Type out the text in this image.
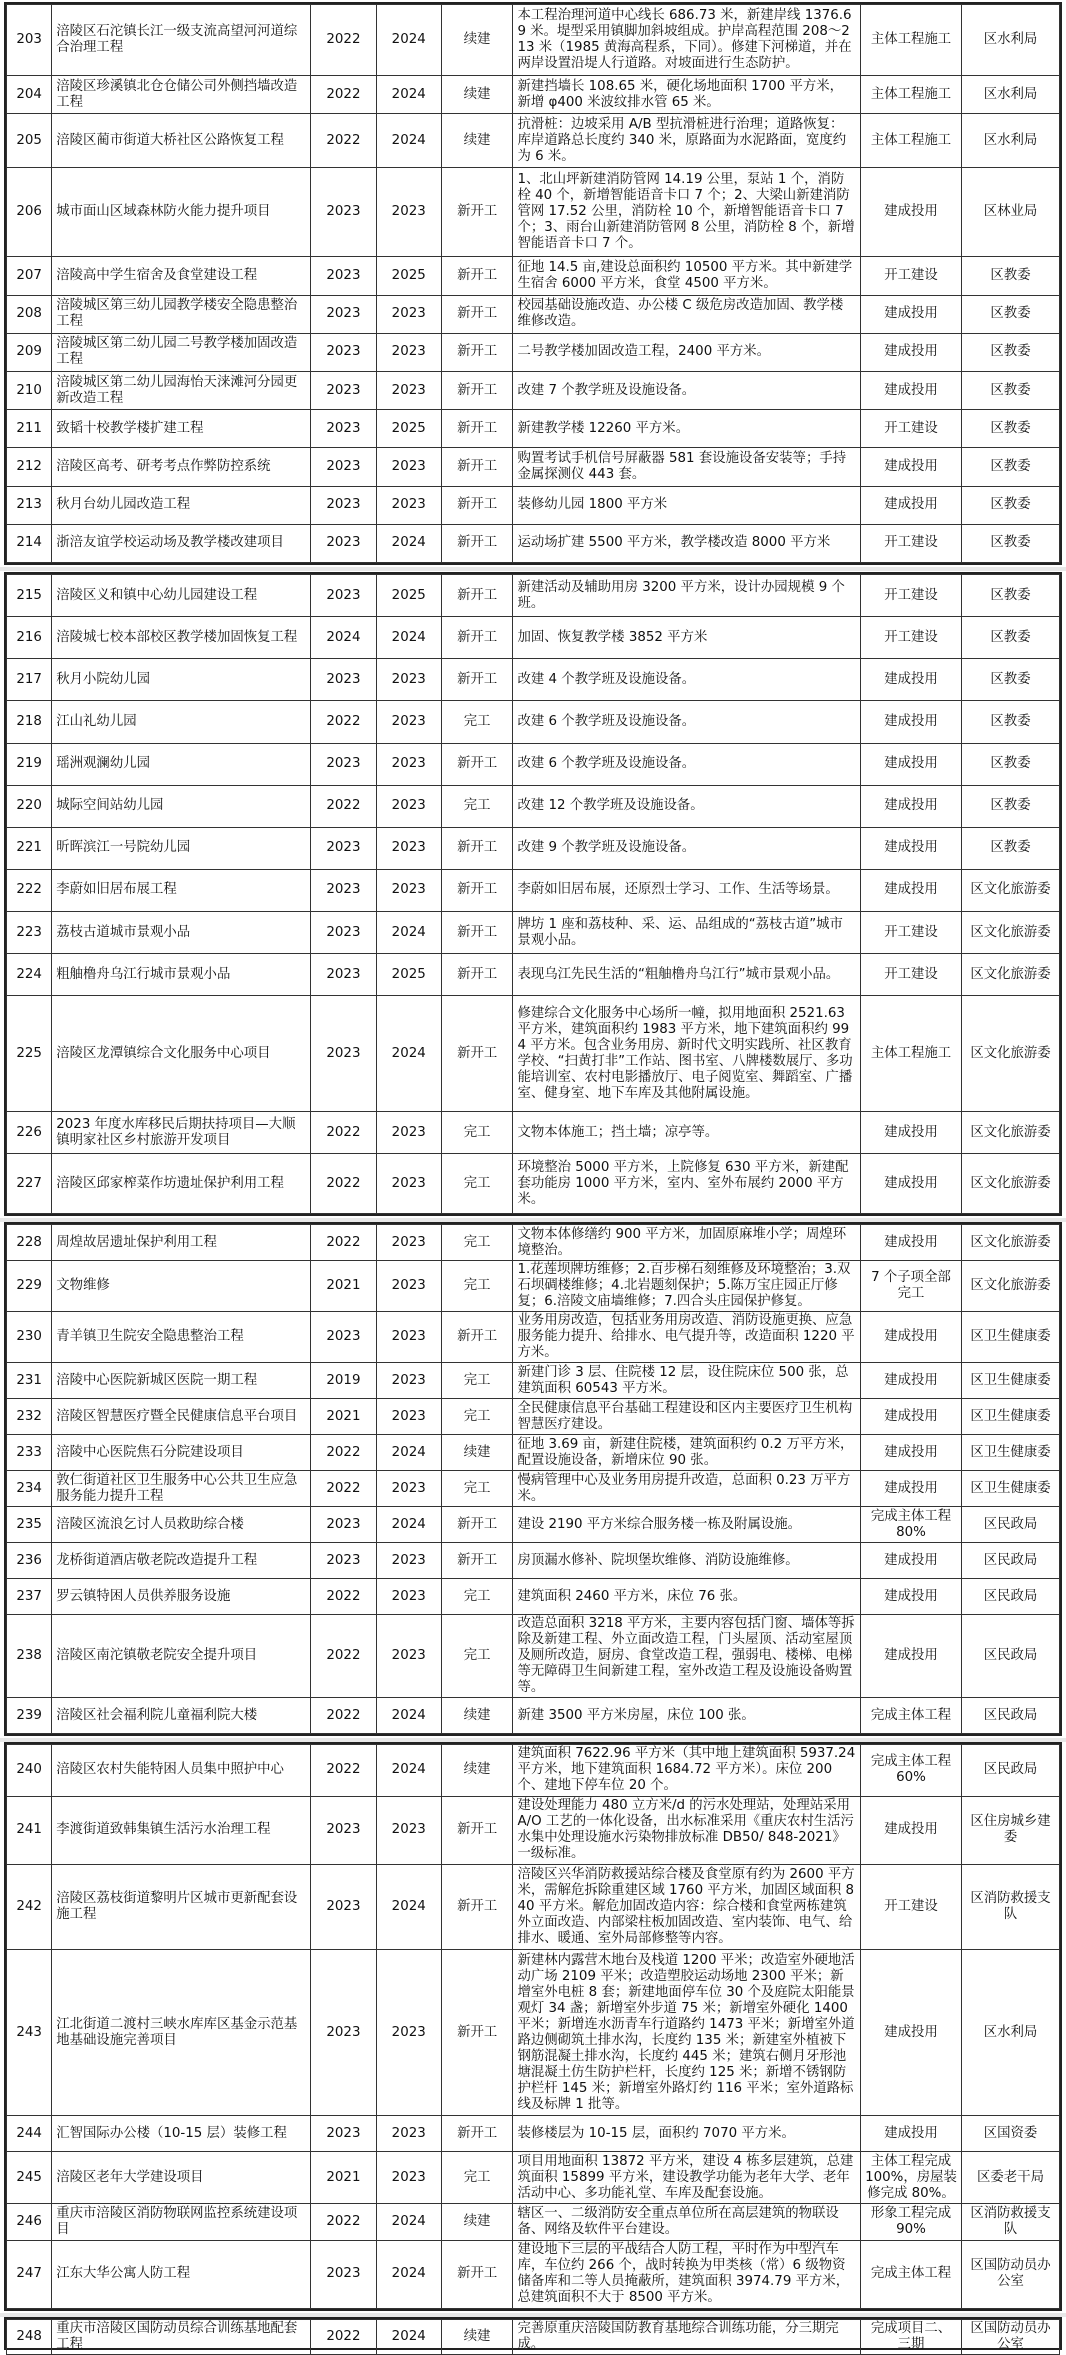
203	涪陵区石沱镇长江一级支流高望河河道综合治理工程	2022	2024	续建	本工程治理河道中心线长 686.73 米，新建岸线 1376.69 米。堤型采用镇脚加斜坡组成。护岸高程范围 208～213 米（1985 黄海高程系，下同）。修建下河梯道，并在两岸设置沿堤人行道路。对坡面进行生态防护。	主体工程施工	区水利局
204	涪陵区珍溪镇北仓仓储公司外侧挡墙改造工程	2022	2024	续建	新建挡墙长 108.65 米，硬化场地面积 1700 平方米，新增 φ400 米波纹排水管 65 米。	主体工程施工	区水利局
205	涪陵区蔺市街道大桥社区公路恢复工程	2022	2024	续建	抗滑桩：边坡采用 A/B 型抗滑桩进行治理；道路恢复：库岸道路总长度约 340 米，原路面为水泥路面，宽度约为 6 米。	主体工程施工	区水利局
206	城市面山区域森林防火能力提升项目	2023	2023	新开工	1、北山坪新建消防管网 14.19 公里，泵站 1 个，消防栓 40 个，新增智能语音卡口 7 个；2、大梁山新建消防管网 17.52 公里，消防栓 10 个，新增智能语音卡口 7 个；3、雨台山新建消防管网 8 公里，消防栓 8 个，新增智能语音卡口 7 个。	建成投用	区林业局
207	涪陵高中学生宿舍及食堂建设工程	2023	2025	新开工	征地 14.5 亩,建设总面积约 10500 平方米。其中新建学生宿舍 6000 平方米，食堂 4500 平方米。	开工建设	区教委
208	涪陵城区第三幼儿园教学楼安全隐患整治工程	2023	2023	新开工	校园基础设施改造、办公楼 C 级危房改造加固、教学楼维修改造。	建成投用	区教委
209	涪陵城区第二幼儿园二号教学楼加固改造工程	2023	2023	新开工	二号教学楼加固改造工程，2400 平方米。	建成投用	区教委
210	涪陵城区第二幼儿园海怡天涞滩河分园更新改造工程	2023	2023	新开工	改建 7 个教学班及设施设备。	建成投用	区教委
211	致韬十校教学楼扩建工程	2023	2025	新开工	新建教学楼 12260 平方米。	开工建设	区教委
212	涪陵区高考、研考考点作弊防控系统	2023	2023	新开工	购置考试手机信号屏蔽器 581 套设施设备安装等；手持金属探测仪 443 套。	建成投用	区教委
213	秋月台幼儿园改造工程	2023	2023	新开工	装修幼儿园 1800 平方米	建成投用	区教委
214	浙涪友谊学校运动场及教学楼改建项目	2023	2024	新开工	运动场扩建 5500 平方米，教学楼改造 8000 平方米	开工建设	区教委
215	涪陵区义和镇中心幼儿园建设工程	2023	2025	新开工	新建活动及辅助用房 3200 平方米，设计办园规模 9 个班。	开工建设	区教委
216	涪陵城七校本部校区教学楼加固恢复工程	2024	2024	新开工	加固、恢复教学楼 3852 平方米	开工建设	区教委
217	秋月小院幼儿园	2023	2023	新开工	改建 4 个教学班及设施设备。	建成投用	区教委
218	江山礼幼儿园	2022	2023	完工	改建 6 个教学班及设施设备。	建成投用	区教委
219	瑶洲观澜幼儿园	2023	2023	新开工	改建 6 个教学班及设施设备。	建成投用	区教委
220	城际空间站幼儿园	2022	2023	完工	改建 12 个教学班及设施设备。	建成投用	区教委
221	昕晖滨江一号院幼儿园	2023	2023	新开工	改建 9 个教学班及设施设备。	建成投用	区教委
222	李蔚如旧居布展工程	2023	2023	新开工	李蔚如旧居布展，还原烈士学习、工作、生活等场景。	建成投用	区文化旅游委
223	荔枝古道城市景观小品	2023	2024	新开工	牌坊 1 座和荔枝种、采、运、品组成的“荔枝古道”城市景观小品。	开工建设	区文化旅游委
224	粗舳橹舟乌江行城市景观小品	2023	2025	新开工	表现乌江先民生活的“粗舳橹舟乌江行”城市景观小品。	开工建设	区文化旅游委
225	涪陵区龙潭镇综合文化服务中心项目	2023	2024	新开工	修建综合文化服务中心场所一幢，拟用地面积 2521.63 平方米，建筑面积约 1983 平方米，地下建筑面积约 994 平方米。包含业务用房、新时代文明实践所、社区教育学校、“扫黄打非”工作站、图书室、八牌楼数展厅、多功能培训室、农村电影播放厅、电子阅览室、舞蹈室、广播室、健身室、地下车库及其他附属设施。	主体工程施工	区文化旅游委
226	2023 年度水库移民后期扶持项目—大顺镇明家社区乡村旅游开发项目	2022	2023	完工	文物本体施工；挡土墙；凉亭等。	建成投用	区文化旅游委
227	涪陵区邱家榨菜作坊遗址保护利用工程	2022	2023	完工	环境整治 5000 平方米，上院修复 630 平方米，新建配套功能房 1000 平方米，室内、室外布展约 2000 平方米。	建成投用	区文化旅游委
228	周煌故居遗址保护利用工程	2022	2023	完工	文物本体修缮约 900 平方米，加固原麻堆小学；周煌环境整治。	建成投用	区文化旅游委
229	文物维修	2021	2023	完工	1.花莲坝牌坊维修；2.百步梯石刻维修及环境整治；3.双石坝碉楼维修；4.北岩题刻保护；5.陈万宝庄园正厅修复；6.涪陵文庙墙维修；7.四合头庄园保护修复。	7 个子项全部完工	区文化旅游委
230	青羊镇卫生院安全隐患整治工程	2023	2023	新开工	业务用房改造，包括业务用房改造、消防设施更换、应急服务能力提升、给排水、电气提升等，改造面积 1220 平方米。	建成投用	区卫生健康委
231	涪陵中心医院新城区医院一期工程	2019	2023	完工	新建门诊 3 层、住院楼 12 层，设住院床位 500 张，总建筑面积 60543 平方米。	建成投用	区卫生健康委
232	涪陵区智慧医疗暨全民健康信息平台项目	2021	2023	完工	全民健康信息平台基础工程建设和区内主要医疗卫生机构智慧医疗建设。	建成投用	区卫生健康委
233	涪陵中心医院焦石分院建设项目	2022	2024	续建	征地 3.69 亩，新建住院楼，建筑面积约 0.2 万平方米，配置设施设备，新增床位 90 张。	建成投用	区卫生健康委
234	敦仁街道社区卫生服务中心公共卫生应急服务能力提升工程	2022	2023	完工	慢病管理中心及业务用房提升改造，总面积 0.23 万平方米。	建成投用	区卫生健康委
235	涪陵区流浪乞讨人员救助综合楼	2023	2024	新开工	建设 2190 平方米综合服务楼一栋及附属设施。	完成主体工程 80%	区民政局
236	龙桥街道酒店敬老院改造提升工程	2023	2023	新开工	房顶漏水修补、院坝堡坎维修、消防设施维修。	建成投用	区民政局
237	罗云镇特困人员供养服务设施	2022	2023	完工	建筑面积 2460 平方米，床位 76 张。	建成投用	区民政局
238	涪陵区南沱镇敬老院安全提升项目	2022	2023	完工	改造总面积 3218 平方米，主要内容包括门窗、墙体等拆除及新建工程、外立面改造工程，门头屋顶、活动室屋顶及厕所改造，厨房、食堂改造工程，强弱电、楼梯、电梯等无障碍卫生间新建工程，室外改造工程及设施设备购置等。	建成投用	区民政局
239	涪陵区社会福利院儿童福利院大楼	2022	2024	续建	新建 3500 平方米房屋，床位 100 张。	完成主体工程	区民政局
240	涪陵区农村失能特困人员集中照护中心	2022	2024	续建	建筑面积 7622.96 平方米（其中地上建筑面积 5937.24 平方米，地下建筑面积 1684.72 平方米）。床位 200 个、建地下停车位 20 个。	完成主体工程 60%	区民政局
241	李渡街道致韩集镇生活污水治理工程	2023	2023	新开工	建设处理能力 480 立方米/d 的污水处理站，处理站采用 A/O 工艺的一体化设备，出水标准采用《重庆农村生活污水集中处理设施水污染物排放标准 DB50/ 848-2021》一级标准。	建成投用	区住房城乡建委
242	涪陵区荔枝街道黎明片区城市更新配套设施工程	2023	2024	新开工	涪陵区兴华消防救援站综合楼及食堂原有约为 2600 平方米，需解危拆除重建区域 1760 平方米，加固区域面积 840 平方米。解危加固改造内容：综合楼和食堂两栋建筑外立面改造、内部梁柱板加固改造、室内装饰、电气、给排水、暖通、室外局部修整等内容。	开工建设	区消防救援支队
243	江北街道二渡村三峡水库库区基金示范基地基础设施完善项目	2023	2023	新开工	新建林内露营木地台及栈道 1200 平米；改造室外硬地活动广场 2109 平米；改造塑胶运动场地 2300 平米；新增室外电桩 8 套；新建地面停车位 30 个及庭院太阳能景观灯 34 盏；新增室外步道 75 米；新增室外硬化 1400 平米；新增连水沥青车行道路约 1473 平米；新增室外道路边侧砌筑土排水沟，长度约 135 米；新建室外植被下钢筋混凝土排水沟，长度约 445 米；建筑右侧月牙形池塘混凝土仿生防护栏杆，长度约 125 米；新增不锈钢防护栏杆 145 米；新增室外路灯约 116 平米；室外道路标线及标牌 1 批等。	建成投用	区水利局
244	汇智国际办公楼（10-15 层）装修工程	2023	2023	新开工	装修楼层为 10-15 层，面积约 7070 平方米。	建成投用	区国资委
245	涪陵区老年大学建设项目	2021	2023	完工	项目用地面积 13872 平方米，建设 4 栋多层建筑，总建筑面积 15899 平方米，建设教学功能为老年大学、老年活动中心、多功能礼堂、车库及配套设施。	主体工程完成 100%，房屋装修完成 80%。	区委老干局
246	重庆市涪陵区消防物联网监控系统建设项目	2022	2024	续建	辖区一、二级消防安全重点单位所在高层建筑的物联设备、网络及软件平台建设。	形象工程完成 90%	区消防救援支队
247	江东大华公寓人防工程	2023	2024	新开工	建设地下三层的平战结合人防工程，平时作为中型汽车库，车位约 266 个，战时转换为甲类核（常）6 级物资储备库和二等人员掩蔽所，建筑面积 3974.79 平方米，总建筑面积不大于 8500 平方米。	完成主体工程	区国防动员办公室
248	重庆市涪陵区国防动员综合训练基地配套工程	2022	2024	续建	完善原重庆涪陵国防教育基地综合训练功能，分三期完成。	完成项目二、三期	区国防动员办公室
